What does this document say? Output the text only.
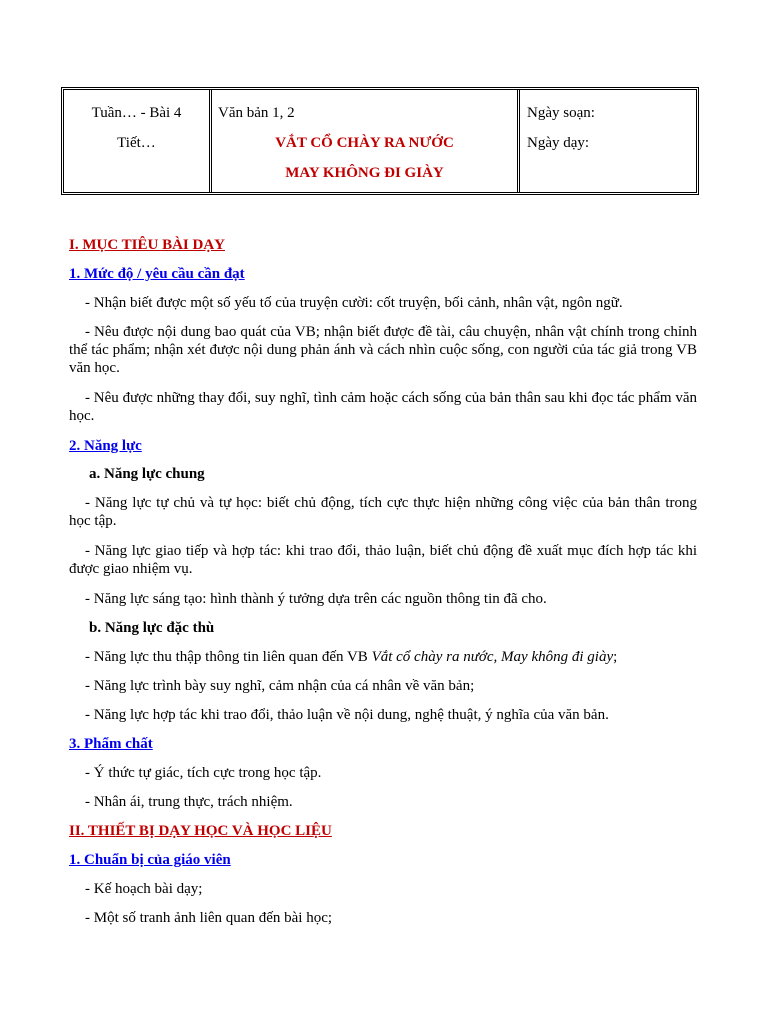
Tuần… - Bài 4
Tiết…
Văn bản 1, 2
VẮT CỔ CHÀY RA NƯỚC
MAY KHÔNG ĐI GIÀY
Ngày soạn:
Ngày dạy:
I. MỤC TIÊU BÀI DẠY
1. Mức độ / yêu cầu cần đạt
- Nhận biết được một số yếu tố của truyện cười: cốt truyện, bối cảnh, nhân vật, ngôn ngữ.
- Nêu được nội dung bao quát của VB; nhận biết được đề tài, câu chuyện, nhân vật chính trong chỉnh thể tác phẩm; nhận xét được nội dung phản ánh và cách nhìn cuộc sống, con người của tác giả trong VB văn học.
- Nêu được những thay đổi, suy nghĩ, tình cảm hoặc cách sống của bản thân sau khi đọc tác phẩm văn học.
2. Năng lực
a. Năng lực chung
- Năng lực tự chủ và tự học: biết chủ động, tích cực thực hiện những công việc của bản thân trong học tập.
- Năng lực giao tiếp và hợp tác: khi trao đổi, thảo luận, biết chủ động đề xuất mục đích hợp tác khi được giao nhiệm vụ.
- Năng lực sáng tạo: hình thành ý tưởng dựa trên các nguồn thông tin đã cho.
b. Năng lực đặc thù
- Năng lực thu thập thông tin liên quan đến VB Vắt cổ chày ra nước, May không đi giày;
- Năng lực trình bày suy nghĩ, cảm nhận của cá nhân về văn bản;
- Năng lực hợp tác khi trao đổi, thảo luận về nội dung, nghệ thuật, ý nghĩa của văn bản.
3. Phẩm chất
- Ý thức tự giác, tích cực trong học tập.
- Nhân ái, trung thực, trách nhiệm.
II. THIẾT BỊ DẠY HỌC VÀ HỌC LIỆU
1. Chuẩn bị của giáo viên
- Kế hoạch bài dạy;
- Một số tranh ảnh liên quan đến bài học;
